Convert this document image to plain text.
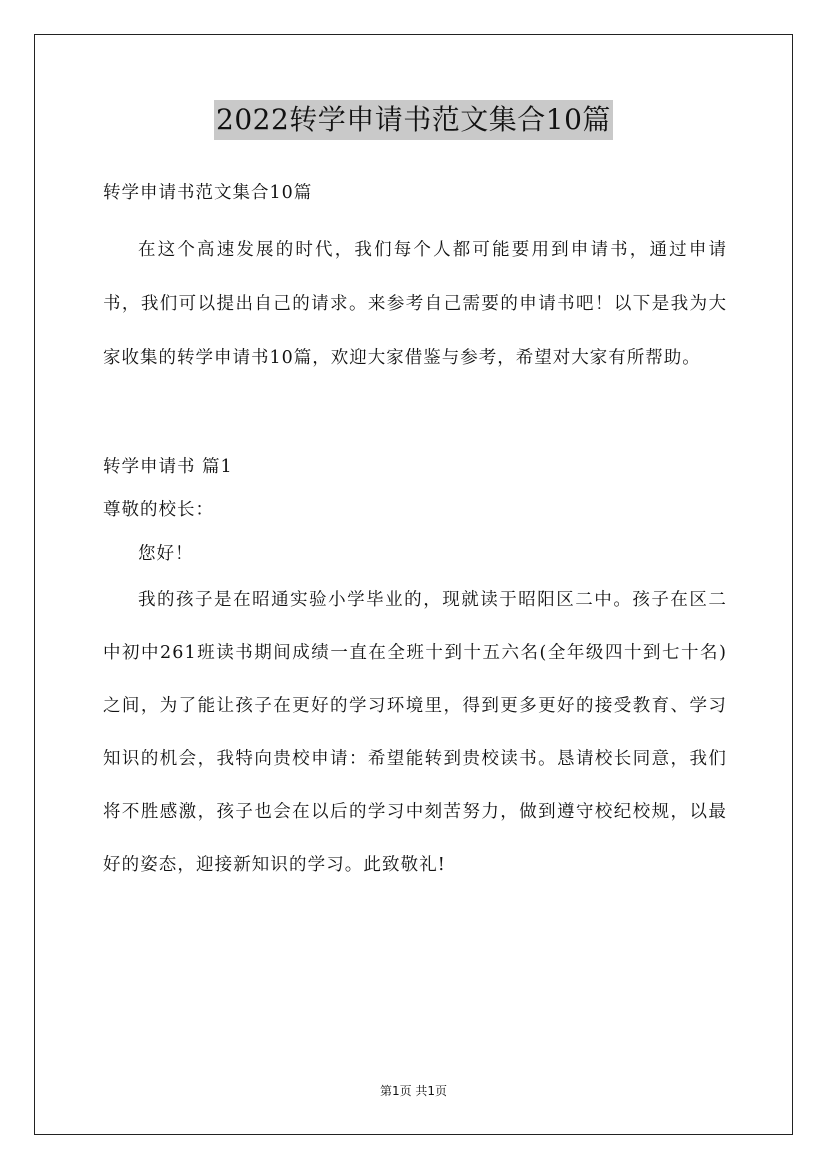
2022转学申请书范文集合10篇

转学申请书范文集合10篇

在这个高速发展的时代，我们每个人都可能要用到申请书，通过申请书，我们可以提出自己的请求。来参考自己需要的申请书吧！以下是我为大家收集的转学申请书10篇，欢迎大家借鉴与参考，希望对大家有所帮助。

转学申请书 篇1

尊敬的校长：

您好！

我的孩子是在昭通实验小学毕业的，现就读于昭阳区二中。孩子在区二中初中261班读书期间成绩一直在全班十到十五六名(全年级四十到七十名)之间，为了能让孩子在更好的学习环境里，得到更多更好的接受教育、学习知识的机会，我特向贵校申请：希望能转到贵校读书。恳请校长同意，我们将不胜感激，孩子也会在以后的学习中刻苦努力，做到遵守校纪校规，以最好的姿态，迎接新知识的学习。此致敬礼!

第1页 共1页
